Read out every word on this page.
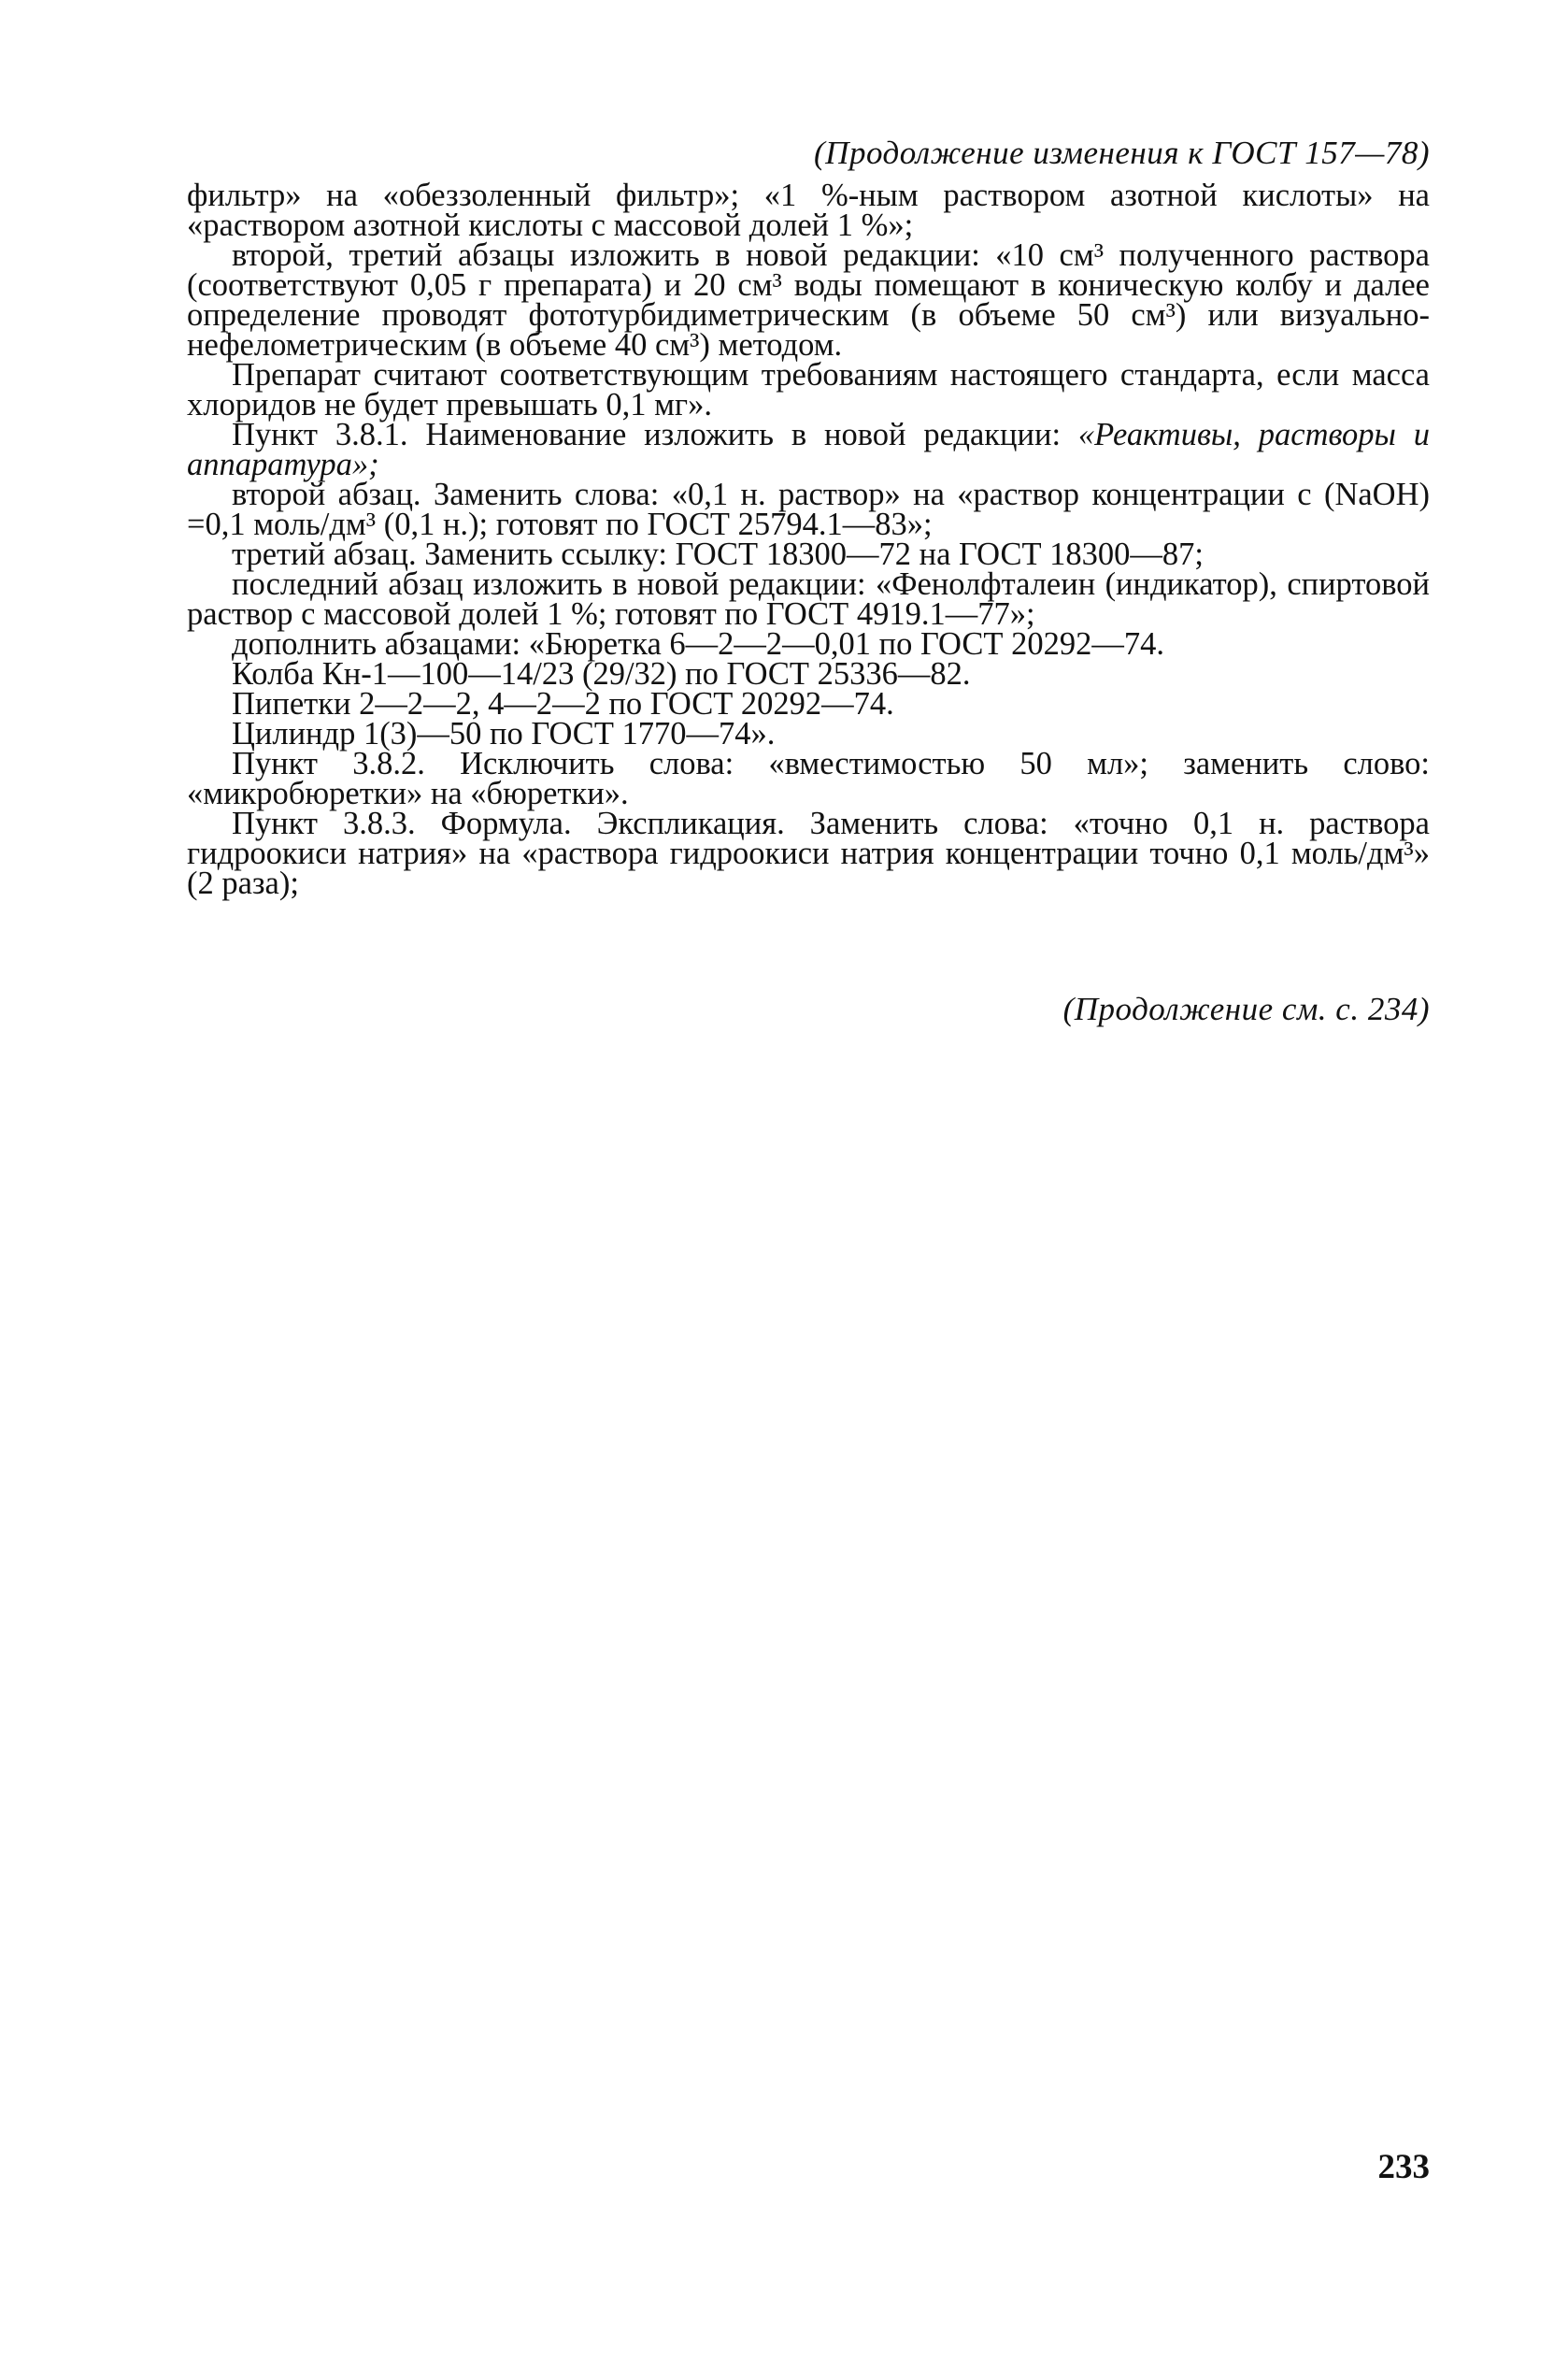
(Продолжение изменения к ГОСТ 157—78)

фильтр» на «обеззоленный фильтр»; «1 %-ным раствором азотной кислоты» на «раствором азотной кислоты с массовой долей 1 %»;

второй, третий абзацы изложить в новой редакции: «10 см³ полученного раствора (соответствуют 0,05 г препарата) и 20 см³ воды помещают в коническую колбу и далее определение проводят фототурбидиметрическим (в объеме 50 см³) или визуально-нефелометрическим (в объеме 40 см³) методом.

Препарат считают соответствующим требованиям настоящего стандарта, если масса хлоридов не будет превышать 0,1 мг».

Пункт 3.8.1. Наименование изложить в новой редакции: «Реактивы, растворы и аппаратура»;

второй абзац. Заменить слова: «0,1 н. раствор» на «раствор концентрации c (NaOH) =0,1 моль/дм³ (0,1 н.); готовят по ГОСТ 25794.1—83»;

третий абзац. Заменить ссылку: ГОСТ 18300—72 на ГОСТ 18300—87;

последний абзац изложить в новой редакции: «Фенолфталеин (индикатор), спиртовой раствор с массовой долей 1 %; готовят по ГОСТ 4919.1—77»;

дополнить абзацами: «Бюретка 6—2—2—0,01 по ГОСТ 20292—74.

Колба Кн-1—100—14/23 (29/32) по ГОСТ 25336—82.

Пипетки 2—2—2, 4—2—2 по ГОСТ 20292—74.

Цилиндр 1(3)—50 по ГОСТ 1770—74».

Пункт 3.8.2. Исключить слова: «вместимостью 50 мл»; заменить слово: «микробюретки» на «бюретки».

Пункт 3.8.3. Формула. Экспликация. Заменить слова: «точно 0,1 н. раствора гидроокиси натрия» на «раствора гидроокиси натрия концентрации точно 0,1 моль/дм³» (2 раза);

(Продолжение см. с. 234)
233
